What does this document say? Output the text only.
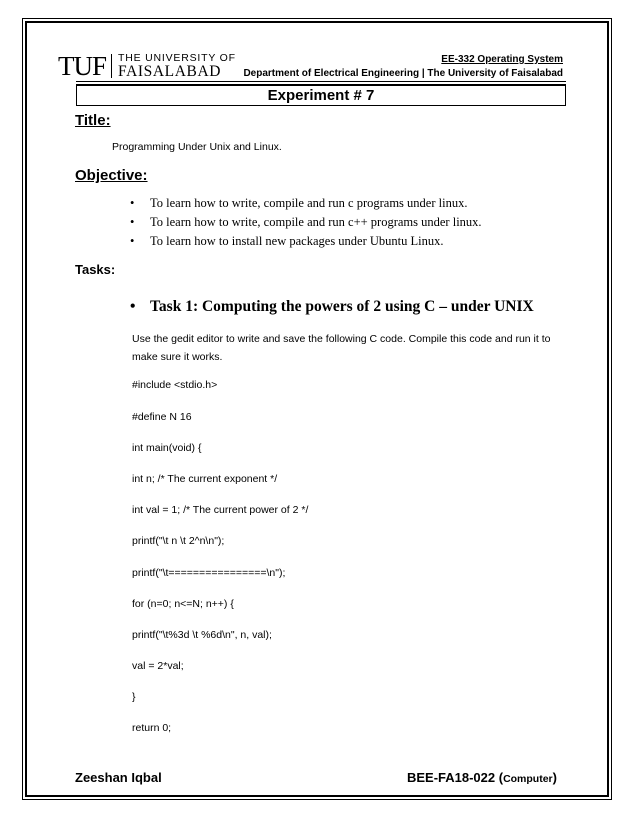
TUF THE UNIVERSITY OF
FAISALABAD
EE-332 Operating System
Department of Electrical Engineering | The University of Faisalabad
Experiment # 7
Title:
Programming Under Unix and Linux.
Objective:
• To learn how to write, compile and run c programs under linux.
• To learn how to write, compile and run c++ programs under linux.
• To learn how to install new packages under Ubuntu Linux.
Tasks:
• Task 1: Computing the powers of 2 using C – under UNIX
Use the gedit editor to write and save the following C code. Compile this code and run it to make sure it works.
#include <stdio.h>
#define N 16
int main(void) {
int n; /* The current exponent */
int val = 1; /* The current power of 2 */
printf("\t n \t 2^n\n");
printf("\t================\n");
for (n=0; n<=N; n++) {
printf("\t%3d \t %6d\n", n, val);
val = 2*val;
}
return 0;
Zeeshan Iqbal	BEE-FA18-022 (Computer)
